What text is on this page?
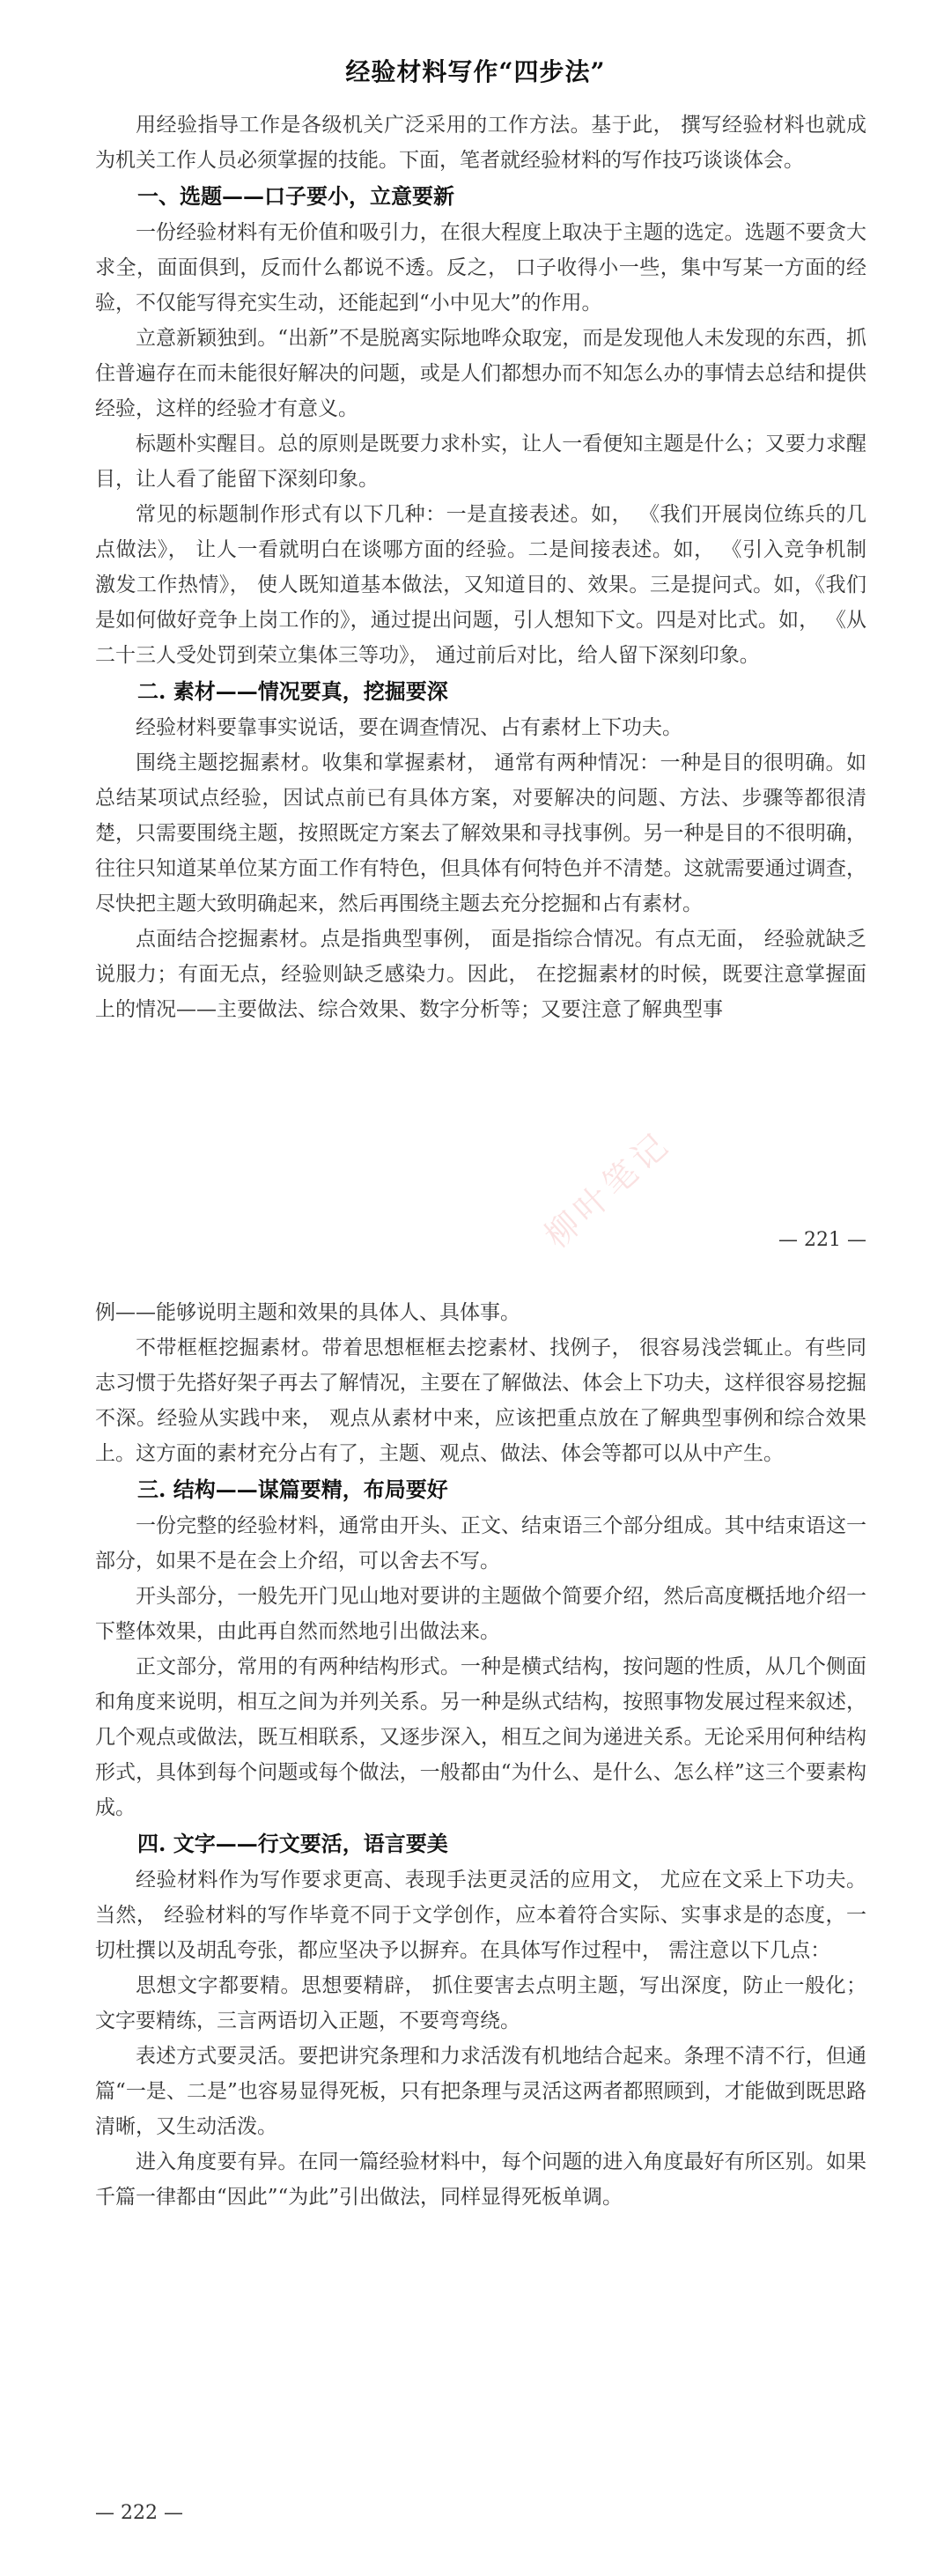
经验材料写作“四步法”

用经验指导工作是各级机关广泛采用的工作方法。基于此， 撰写经验材料也就成为机关工作人员必须掌握的技能。下面，笔者就经验材料的写作技巧谈谈体会。

一、选题——口子要小，立意要新

一份经验材料有无价值和吸引力，在很大程度上取决于主题的选定。选题不要贪大求全，面面俱到，反而什么都说不透。反之， 口子收得小一些，集中写某一方面的经验，不仅能写得充实生动，还能起到“小中见大”的作用。

立意新颖独到。“出新”不是脱离实际地哗众取宠，而是发现他人未发现的东西，抓住普遍存在而未能很好解决的问题，或是人们都想办而不知怎么办的事情去总结和提供经验，这样的经验才有意义。

标题朴实醒目。总的原则是既要力求朴实，让人一看便知主题是什么；又要力求醒目，让人看了能留下深刻印象。

常见的标题制作形式有以下几种：一是直接表述。如， 《我们开展岗位练兵的几点做法》， 让人一看就明白在谈哪方面的经验。二是间接表述。如， 《引入竞争机制激发工作热情》， 使人既知道基本做法，又知道目的、效果。三是提问式。如，《我们是如何做好竞争上岗工作的》，通过提出问题，引人想知下文。四是对比式。如， 《从二十三人受处罚到荣立集体三等功》， 通过前后对比，给人留下深刻印象。

二. 素材——情况要真，挖掘要深

经验材料要靠事实说话，要在调查情况、占有素材上下功夫。

围绕主题挖掘素材。收集和掌握素材， 通常有两种情况：一种是目的很明确。如总结某项试点经验，因试点前已有具体方案，对要解决的问题、方法、步骤等都很清楚，只需要围绕主题，按照既定方案去了解效果和寻找事例。另一种是目的不很明确，往往只知道某单位某方面工作有特色，但具体有何特色并不清楚。这就需要通过调查，尽快把主题大致明确起来，然后再围绕主题去充分挖掘和占有素材。

点面结合挖掘素材。点是指典型事例， 面是指综合情况。有点无面， 经验就缺乏说服力；有面无点，经验则缺乏感染力。因此， 在挖掘素材的时候，既要注意掌握面上的情况——主要做法、综合效果、数字分析等；又要注意了解典型事

— 221 —
柳叶笔记

例——能够说明主题和效果的具体人、具体事。

不带框框挖掘素材。带着思想框框去挖素材、找例子， 很容易浅尝辄止。有些同志习惯于先搭好架子再去了解情况，主要在了解做法、体会上下功夫，这样很容易挖掘不深。经验从实践中来， 观点从素材中来，应该把重点放在了解典型事例和综合效果上。这方面的素材充分占有了，主题、观点、做法、体会等都可以从中产生。

三. 结构——谋篇要精，布局要好

一份完整的经验材料，通常由开头、正文、结束语三个部分组成。其中结束语这一部分，如果不是在会上介绍，可以舍去不写。

开头部分，一般先开门见山地对要讲的主题做个简要介绍，然后高度概括地介绍一下整体效果，由此再自然而然地引出做法来。

正文部分，常用的有两种结构形式。一种是横式结构，按问题的性质，从几个侧面和角度来说明，相互之间为并列关系。另一种是纵式结构，按照事物发展过程来叙述，几个观点或做法，既互相联系，又逐步深入，相互之间为递进关系。无论采用何种结构形式，具体到每个问题或每个做法，一般都由“为什么、是什么、怎么样”这三个要素构成。

四. 文字——行文要活，语言要美

经验材料作为写作要求更高、表现手法更灵活的应用文， 尤应在文采上下功夫。当然， 经验材料的写作毕竟不同于文学创作，应本着符合实际、实事求是的态度，一切杜撰以及胡乱夸张，都应坚决予以摒弃。在具体写作过程中， 需注意以下几点：

思想文字都要精。思想要精辟， 抓住要害去点明主题，写出深度，防止一般化；文字要精练，三言两语切入正题，不要弯弯绕。

表述方式要灵活。要把讲究条理和力求活泼有机地结合起来。条理不清不行，但通篇“一是、二是”也容易显得死板，只有把条理与灵活这两者都照顾到，才能做到既思路清晰，又生动活泼。

进入角度要有异。在同一篇经验材料中，每个问题的进入角度最好有所区别。如果千篇一律都由“因此”“为此”引出做法，同样显得死板单调。

— 222 —
